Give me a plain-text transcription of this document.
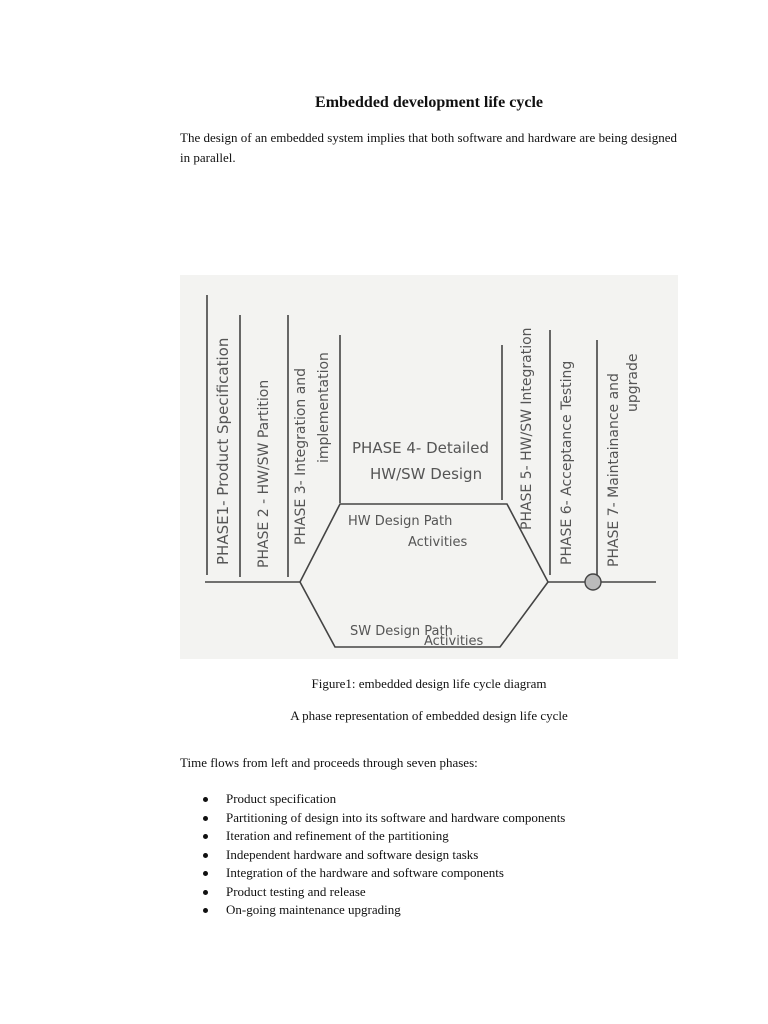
Embedded development life cycle
The design of an embedded system implies that both software and hardware are being designed in parallel.
PHASE1- Product Specification PHASE 2 - HW/SW Partition PHASE 3- Integration and implementation	PHASE 5- HW/SW Integration PHASE 6- Acceptance Testing PHASE 7- Maintainance and upgrade
PHASE 4- Detailed
HW/SW Design
HW Design Path
Activities
SW Design Path
Activities
Figure1: embedded design life cycle diagram
A phase representation of embedded design life cycle
Time flows from left and proceeds through seven phases:
Product specification
Partitioning of design into its software and hardware components
Iteration and refinement of the partitioning
Independent hardware and software design tasks
Integration of the hardware and software components
Product testing and release
On-going maintenance upgrading
